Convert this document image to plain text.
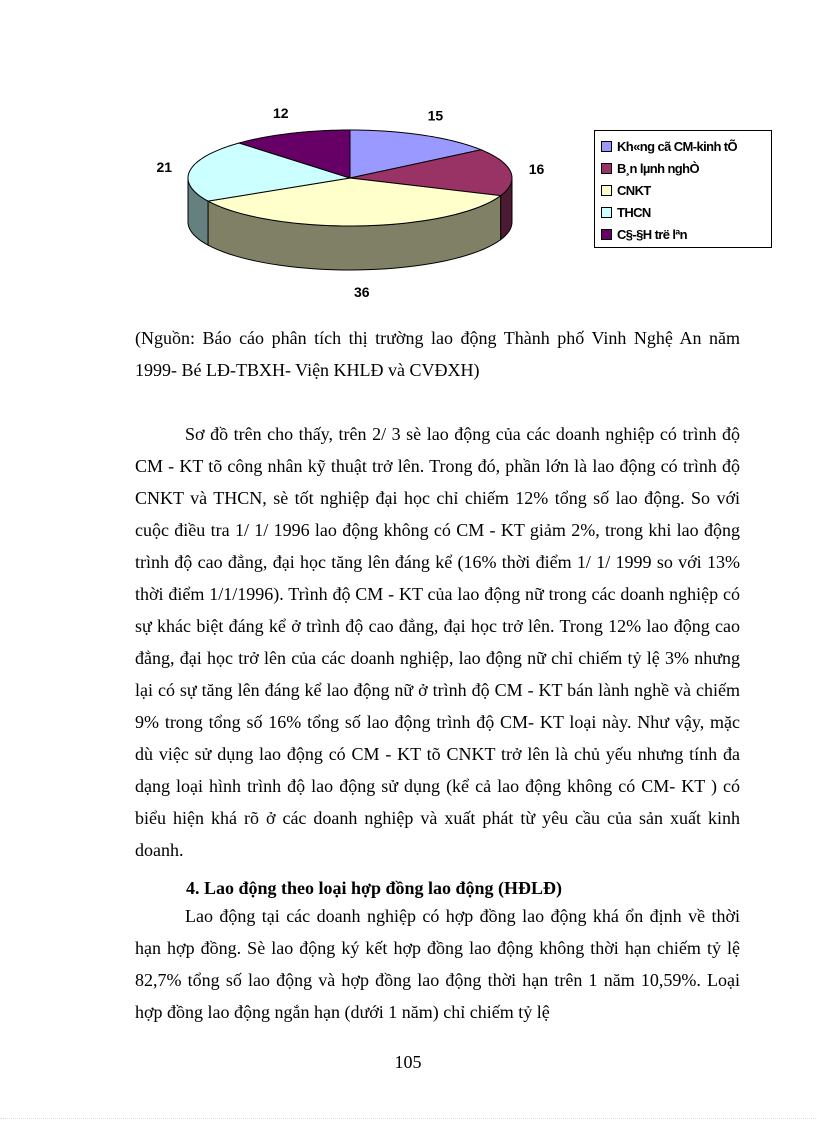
15
16
36
21
12
Kh«ng cã CM-kinh tÕ
B¸n lµnh nghÒ
CNKT
THCN
C§-§H trë lªn

(Nguồn: Báo cáo phân tích thị trường lao động Thành phố Vinh Nghệ An năm 1999- Bé LĐ-TBXH- Viện KHLĐ và CVĐXH)

Sơ đồ trên cho thấy, trên 2/ 3 sè lao động của các doanh nghiệp có trình độ CM - KT tõ công nhân kỹ thuật trở lên. Trong đó, phần lớn là lao động có trình độ CNKT và THCN, sè tốt nghiệp đại học chỉ chiếm 12% tổng số lao động. So với cuộc điều tra 1/ 1/ 1996 lao động không có CM - KT giảm 2%, trong khi lao động trình độ cao đẳng, đại học tăng lên đáng kể (16% thời điểm 1/ 1/ 1999 so với 13% thời điểm 1/1/1996). Trình độ CM - KT của lao động nữ trong các doanh nghiệp có sự khác biệt đáng kể ở trình độ cao đẳng, đại học trở lên. Trong 12% lao động cao đẳng, đại học trở lên của các doanh nghiệp, lao động nữ chỉ chiếm tỷ lệ 3% nhưng lại có sự tăng lên đáng kể lao động nữ ở trình độ CM - KT bán lành nghề và chiếm 9% trong tổng số 16% tổng số lao động trình độ CM- KT loại này. Như vậy, mặc dù việc sử dụng lao động có CM - KT tõ CNKT trở lên là chủ yếu nhưng tính đa dạng loại hình trình độ lao động sử dụng (kể cả lao động không có CM- KT ) có biểu hiện khá rõ ở các doanh nghiệp và xuất phát từ yêu cầu của sản xuất kinh doanh.

4. Lao động theo loại hợp đồng lao động (HĐLĐ)

Lao động tại các doanh nghiệp có hợp đồng lao động khá ổn định về thời hạn hợp đồng. Sè lao động ký kết hợp đồng lao động không thời hạn chiếm tỷ lệ 82,7% tổng số lao động và hợp đồng lao động thời hạn trên 1 năm 10,59%. Loại hợp đồng lao động ngắn hạn (dưới 1 năm) chỉ chiếm tỷ lệ

105
